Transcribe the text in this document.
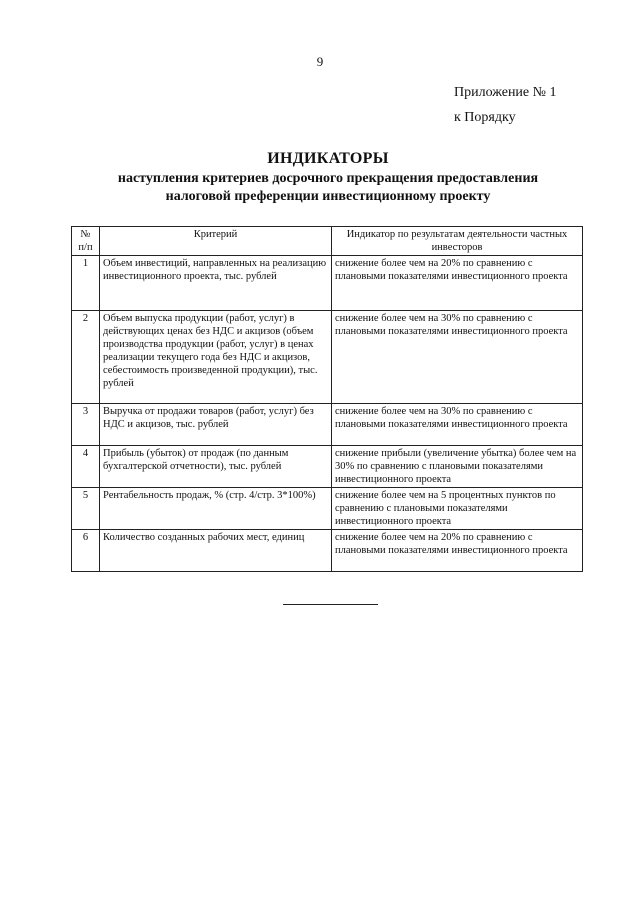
9
Приложение № 1
к Порядку
ИНДИКАТОРЫ
наступления критериев досрочного прекращения предоставления
налоговой преференции инвестиционному проекту
№ п/п	Критерий	Индикатор по результатам деятельности частных инвесторов
1	Объем инвестиций, направленных на реализацию инвестиционного проекта, тыс. рублей	снижение более чем на 20% по сравнению с плановыми показателями инвестиционного проекта
2	Объем выпуска продукции (работ, услуг) в действующих ценах без НДС и акцизов (объем производства продукции (работ, услуг) в ценах реализации текущего года без НДС и акцизов, себестоимость произведенной продукции), тыс. рублей	снижение более чем на 30% по сравнению с плановыми показателями инвестиционного проекта
3	Выручка от продажи товаров (работ, услуг) без НДС и акцизов, тыс. рублей	снижение более чем на 30% по сравнению с плановыми показателями инвестиционного проекта
4	Прибыль (убыток) от продаж (по данным бухгалтерской отчетности), тыс. рублей	снижение прибыли (увеличение убытка) более чем на 30% по сравнению с плановыми показателями инвестиционного проекта
5	Рентабельность продаж, % (стр. 4/стр. 3*100%)	снижение более чем на 5 процентных пунктов по сравнению с плановыми показателями инвестиционного проекта
6	Количество созданных рабочих мест, единиц	снижение более чем на 20% по сравнению с плановыми показателями инвестиционного проекта
